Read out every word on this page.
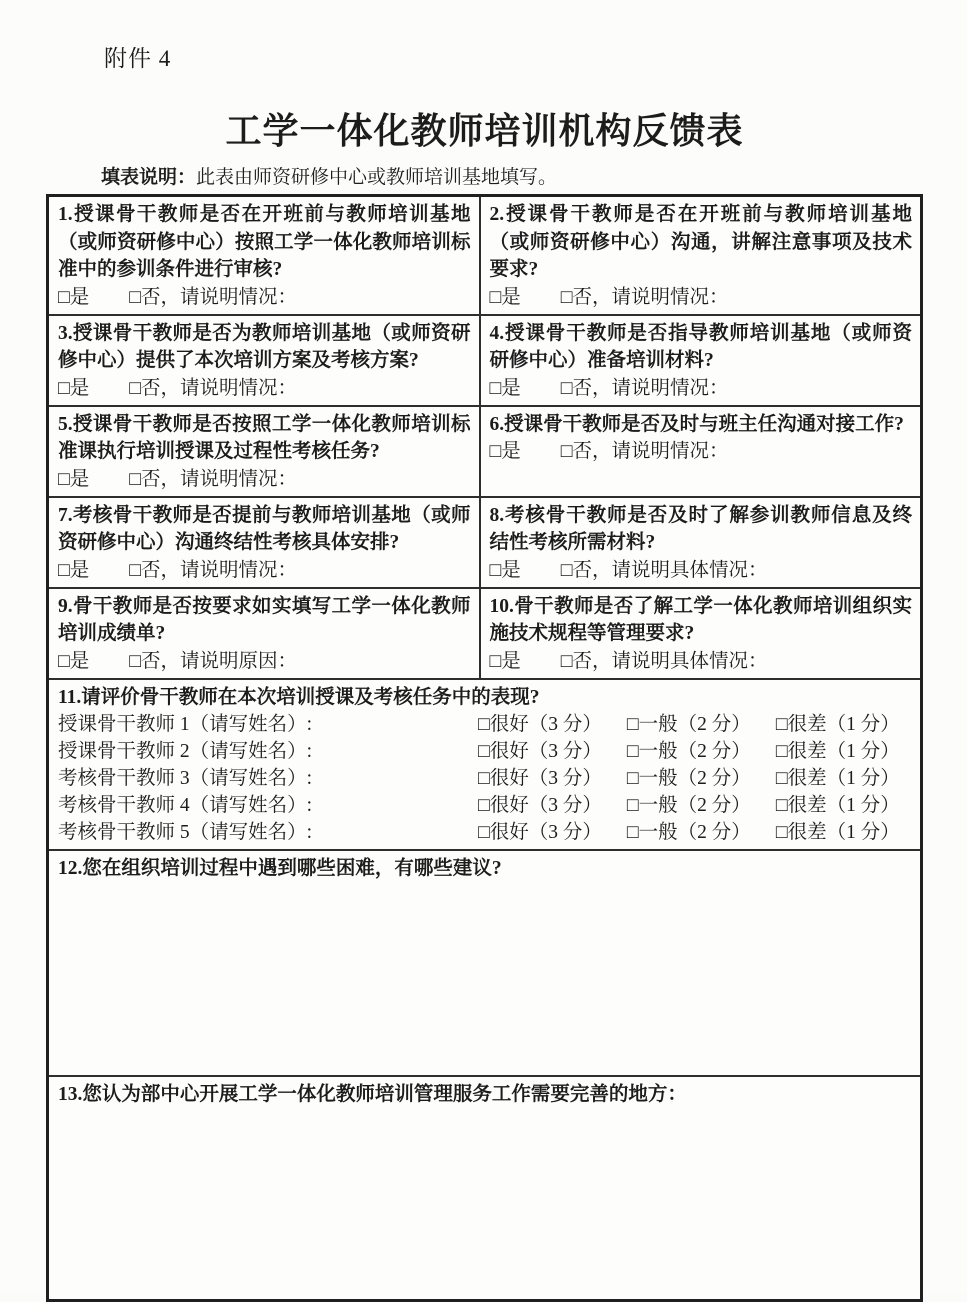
附件 4
工学一体化教师培训机构反馈表
填表说明：此表由师资研修中心或教师培训基地填写。
1.授课骨干教师是否在开班前与教师培训基地（或师资研修中心）按照工学一体化教师培训标准中的参训条件进行审核?
□是 □否，请说明情况：

2.授课骨干教师是否在开班前与教师培训基地（或师资研修中心）沟通，讲解注意事项及技术要求?
□是 □否，请说明情况：

3.授课骨干教师是否为教师培训基地（或师资研修中心）提供了本次培训方案及考核方案?
□是 □否，请说明情况：

4.授课骨干教师是否指导教师培训基地（或师资研修中心）准备培训材料?
□是 □否，请说明情况：

5.授课骨干教师是否按照工学一体化教师培训标准课执行培训授课及过程性考核任务?
□是 □否，请说明情况：

6.授课骨干教师是否及时与班主任沟通对接工作?
□是 □否，请说明情况：

7.考核骨干教师是否提前与教师培训基地（或师资研修中心）沟通终结性考核具体安排?
□是 □否，请说明情况：

8.考核骨干教师是否及时了解参训教师信息及终结性考核所需材料?
□是 □否，请说明具体情况：

9.骨干教师是否按要求如实填写工学一体化教师培训成绩单?
□是 □否，请说明原因：

10.骨干教师是否了解工学一体化教师培训组织实施技术规程等管理要求?
□是 □否，请说明具体情况：

11.请评价骨干教师在本次培训授课及考核任务中的表现?
授课骨干教师 1（请写姓名）:	□很好（3 分） □一般（2 分） □很差（1 分）
授课骨干教师 2（请写姓名）:	□很好（3 分） □一般（2 分） □很差（1 分）
考核骨干教师 3（请写姓名）:	□很好（3 分） □一般（2 分） □很差（1 分）
考核骨干教师 4（请写姓名）:	□很好（3 分） □一般（2 分） □很差（1 分）
考核骨干教师 5（请写姓名）:	□很好（3 分） □一般（2 分） □很差（1 分）

12.您在组织培训过程中遇到哪些困难，有哪些建议?	

13.您认为部中心开展工学一体化教师培训管理服务工作需要完善的地方：	
